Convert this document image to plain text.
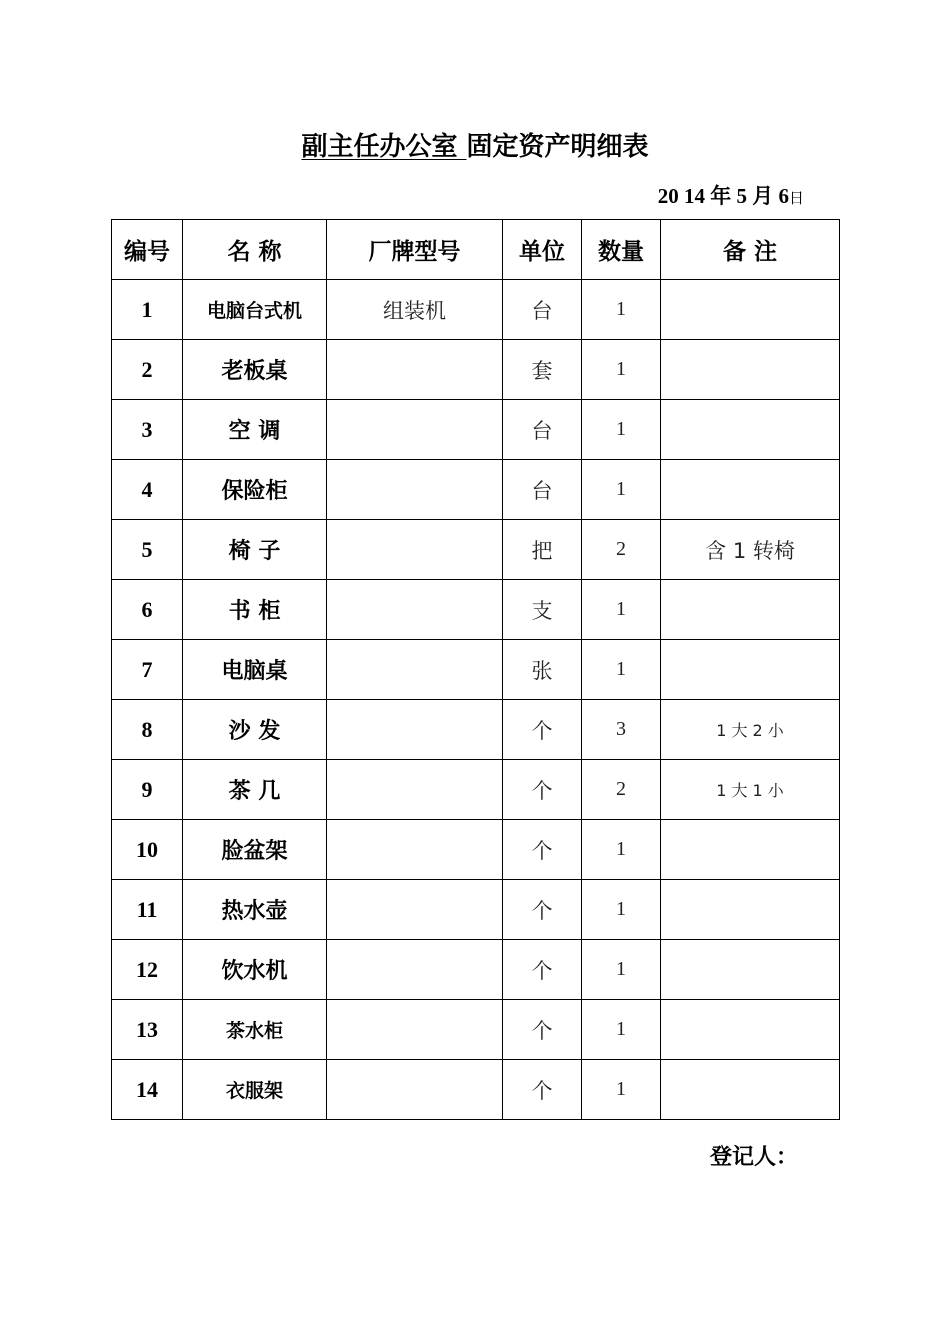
副主任办公室 固定资产明细表
20 14 年 5 月 6日
编号	名 称	厂牌型号	单位	数量	备 注
1	电脑台式机	组装机	台	1	
2	老板桌		套	1	
3	空 调		台	1	
4	保险柜		台	1	
5	椅 子		把	2	含 1 转椅
6	书 柜		支	1	
7	电脑桌		张	1	
8	沙 发		个	3	1 大 2 小
9	茶 几		个	2	1 大 1 小
10	脸盆架		个	1	
11	热水壶		个	1	
12	饮水机		个	1	
13	茶水柜		个	1	
14	衣服架		个	1	
登记人：
